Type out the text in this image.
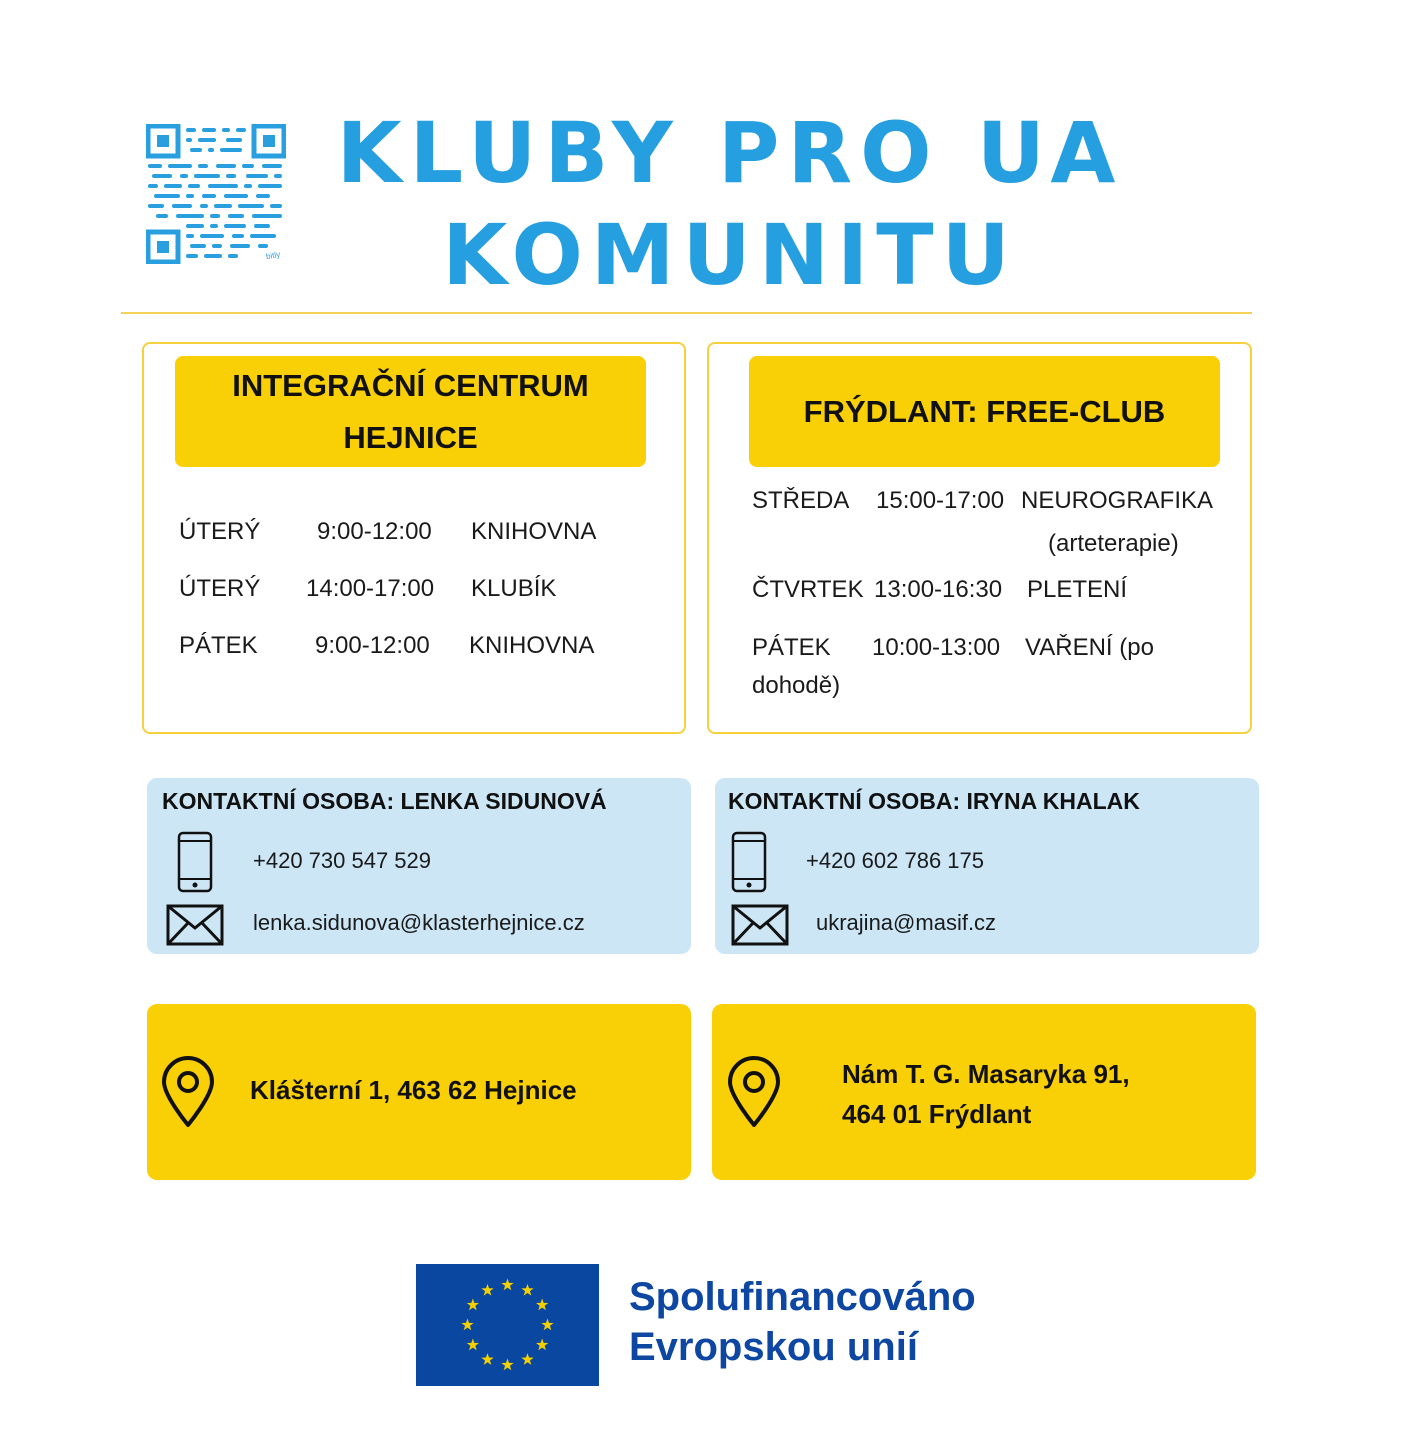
bitly
KLUBY PRO UA
KOMUNITU
INTEGRAČNÍ CENTRUM
HEJNICE
ÚTERÝ 9:00-12:00 KNIHOVNA
ÚTERÝ 14:00-17:00 KLUBÍK
PÁTEK 9:00-12:00 KNIHOVNA
FRÝDLANT: FREE-CLUB
STŘEDA 15:00-17:00 NEUROGRAFIKA
(arteterapie)
ČTVRTEK 13:00-16:30 PLETENÍ
PÁTEK 10:00-13:00 VAŘENÍ (po
dohodě)
KONTAKTNÍ OSOBA: LENKA SIDUNOVÁ
+420 730 547 529
lenka.sidunova@klasterhejnice.cz
KONTAKTNÍ OSOBA: IRYNA KHALAK
+420 602 786 175
ukrajina@masif.cz
Klášterní 1, 463 62 Hejnice
Nám T. G. Masaryka 91,
464 01 Frýdlant
Spolufinancováno
Evropskou unií
